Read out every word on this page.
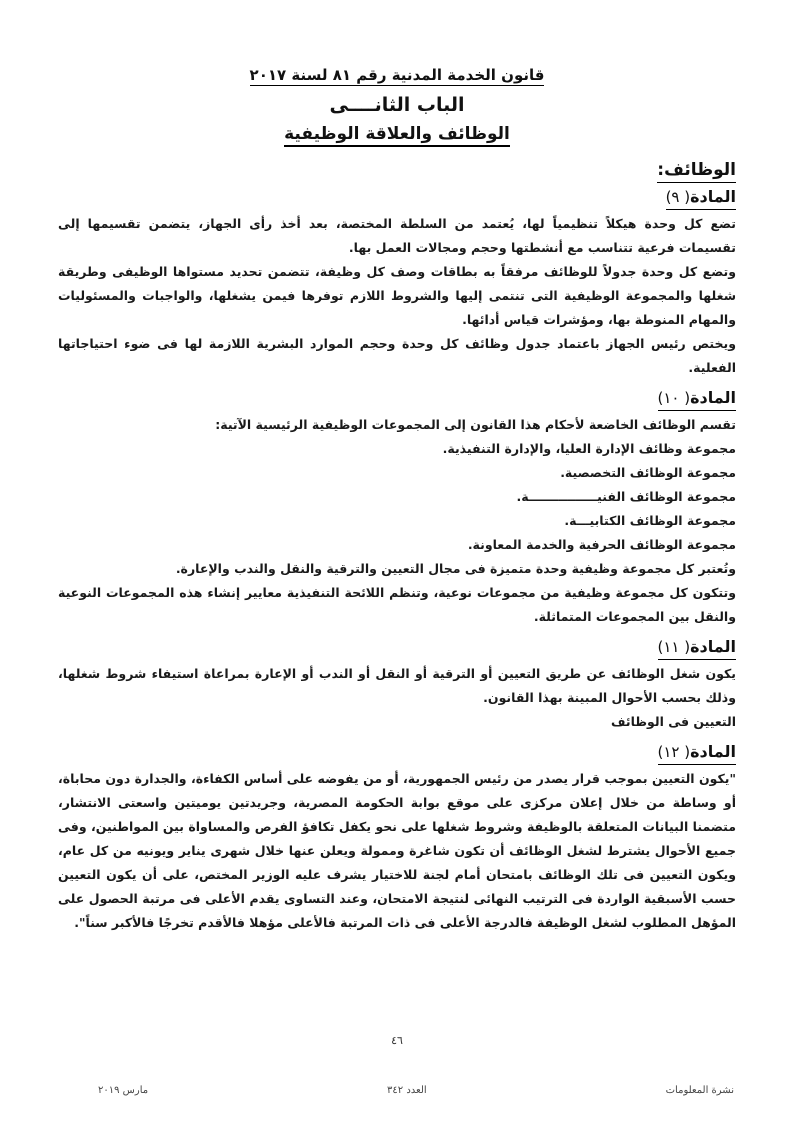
قانون الخدمة المدنية رقم ٨١ لسنة ٢٠١٧
الباب الثانــــى
الوظائف والعلاقة الوظيفية
الوظائف:
المادة( ٩)

تضع كل وحدة هيكلاً تنظيمياً لها، يُعتمد من السلطة المختصة، بعد أخذ رأى الجهاز، يتضمن تقسيمها إلى تقسيمات فرعية تتناسب مع أنشطتها وحجم ومجالات العمل بها.

وتضع كل وحدة جدولاً للوظائف مرفقاً به بطاقات وصف كل وظيفة، تتضمن تحديد مستواها الوظيفى وطريقة شغلها والمجموعة الوظيفية التى تنتمى إليها والشروط اللازم توفرها فيمن يشغلها، والواجبات والمسئوليات والمهام المنوطة بها، ومؤشرات قياس أدائها.

ويختص رئيس الجهاز باعتماد جدول وظائف كل وحدة وحجم الموارد البشرية اللازمة لها فى ضوء احتياجاتها الفعلية.

المادة( ١٠)

تقسم الوظائف الخاضعة لأحكام هذا القانون إلى المجموعات الوظيفية الرئيسية الآتية:

مجموعة وظائف الإدارة العليا، والإدارة التنفيذية.

مجموعة الوظائف التخصصية.

مجموعة الوظائف الفنيــــــــــــــــة.

مجموعة الوظائف الكتابيـــة.

مجموعة الوظائف الحرفية والخدمة المعاونة.

وتُعتبر كل مجموعة وظيفية وحدة متميزة فى مجال التعيين والترقية والنقل والندب والإعارة.

وتتكون كل مجموعة وظيفية من مجموعات نوعية، وتنظم اللائحة التنفيذية معايير إنشاء هذه المجموعات النوعية والنقل بين المجموعات المتماثلة.

المادة( ١١)

يكون شغل الوظائف عن طريق التعيين أو الترقية أو النقل أو الندب أو الإعارة بمراعاة استيفاء شروط شغلها، وذلك بحسب الأحوال المبينة بهذا القانون.

التعيين فى الوظائف

المادة( ١٢)

"يكون التعيين بموجب قرار يصدر من رئيس الجمهورية، أو من يفوضه على أساس الكفاءة، والجدارة دون محاباة، أو وساطة من خلال إعلان مركزى على موقع بوابة الحكومة المصرية، وجريدتين يوميتين واسعتى الانتشار، متضمنا البيانات المتعلقة بالوظيفة وشروط شغلها على نحو يكفل تكافؤ الفرص والمساواة بين المواطنين، وفى جميع الأحوال يشترط لشغل الوظائف أن تكون شاغرة وممولة ويعلن عنها خلال شهرى يناير ويونيه من كل عام، ويكون التعيين فى تلك الوظائف بامتحان أمام لجنة للاختيار يشرف عليه الوزير المختص، على أن يكون التعيين حسب الأسبقية الواردة فى الترتيب النهائى لنتيجة الامتحان، وعند التساوى يقدم الأعلى فى مرتبة الحصول على المؤهل المطلوب لشغل الوظيفة فالدرجة الأعلى فى ذات المرتبة فالأعلى مؤهلا فالأقدم تخرجًا فالأكبر سناً".

٤٦
نشرة المعلومات
العدد ٣٤٢
مارس ٢٠١٩
